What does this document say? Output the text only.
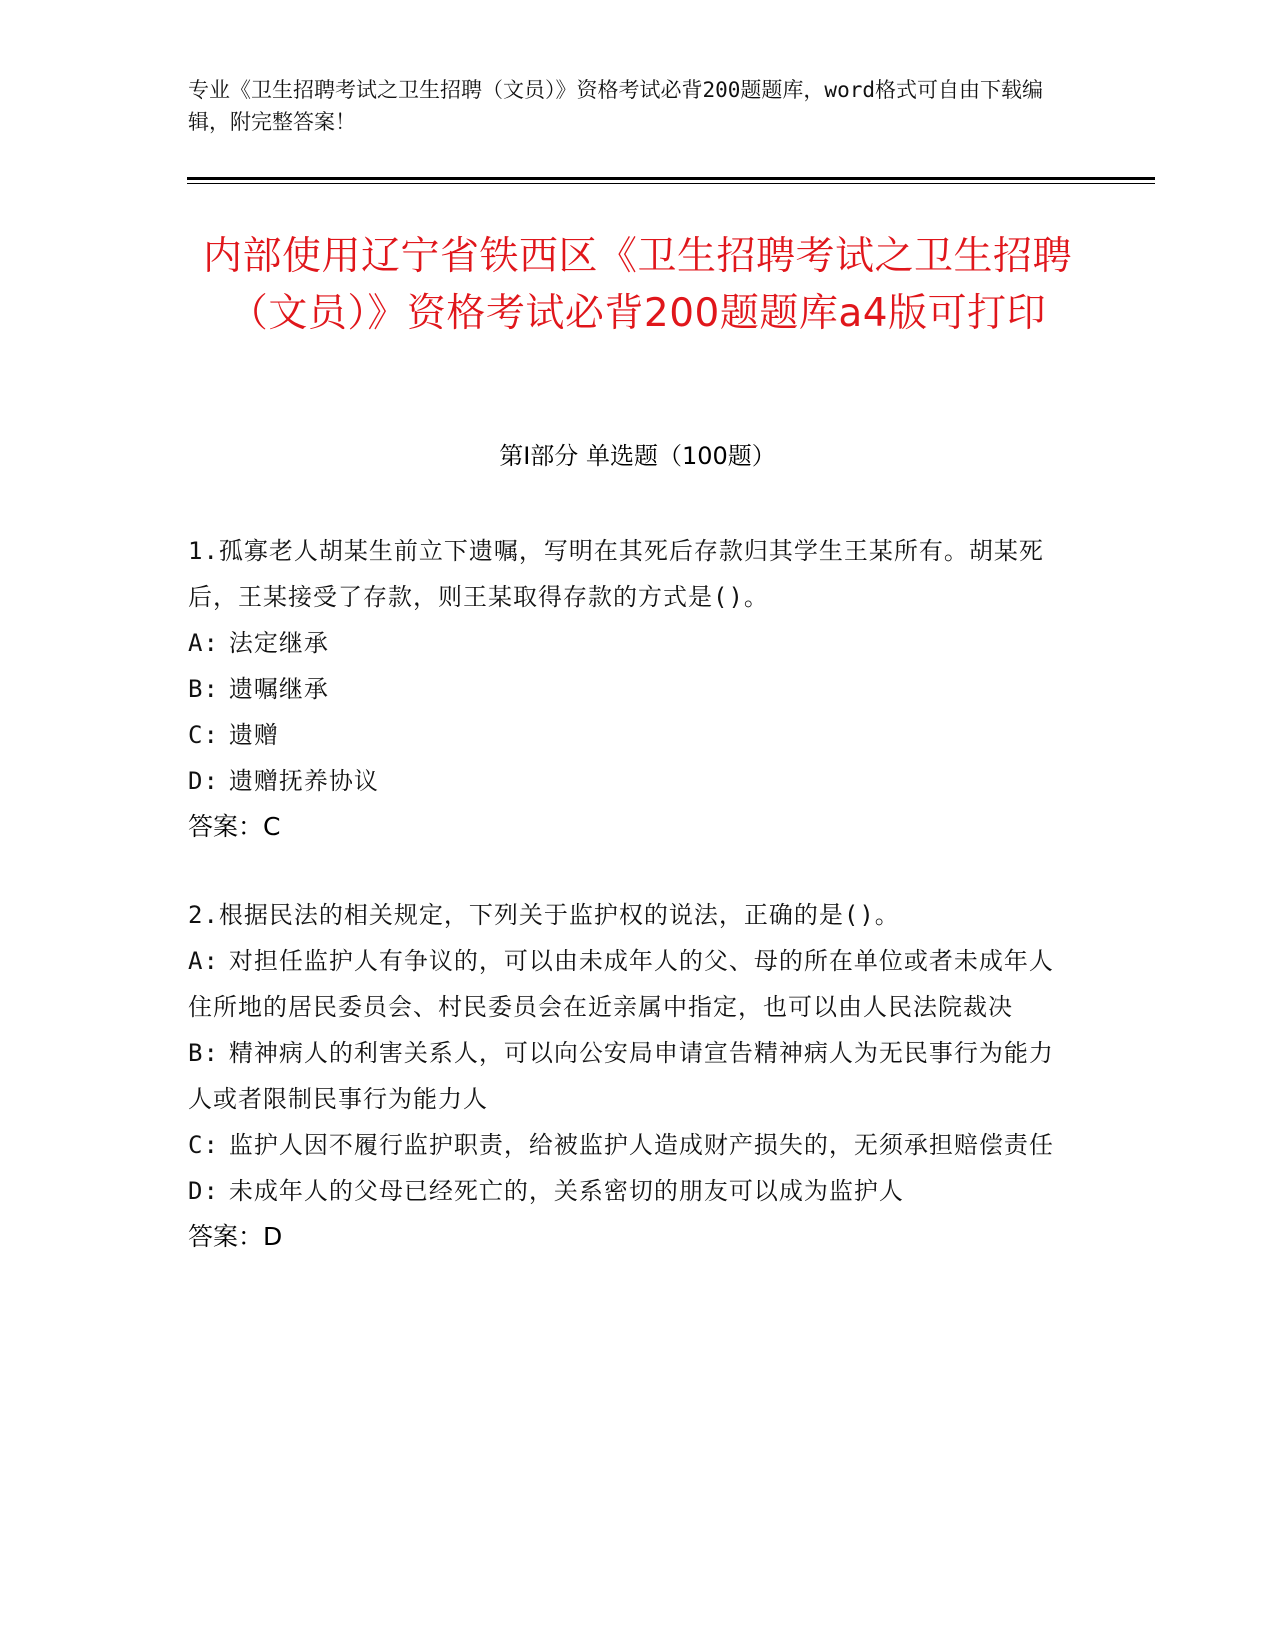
专业《卫生招聘考试之卫生招聘（文员）》资格考试必背200题题库，word格式可自由下载编辑，附完整答案！
内部使用辽宁省铁西区《卫生招聘考试之卫生招聘（文员）》资格考试必背200题题库a4版可打印
第Ⅰ部分 单选题（100题）
1.孤寡老人胡某生前立下遗嘱，写明在其死后存款归其学生王某所有。胡某死后，王某接受了存款，则王某取得存款的方式是()。
A: 法定继承
B: 遗嘱继承
C: 遗赠
D: 遗赠抚养协议
答案：C
2.根据民法的相关规定，下列关于监护权的说法，正确的是()。
A: 对担任监护人有争议的，可以由未成年人的父、母的所在单位或者未成年人住所地的居民委员会、村民委员会在近亲属中指定，也可以由人民法院裁决
B: 精神病人的利害关系人，可以向公安局申请宣告精神病人为无民事行为能力人或者限制民事行为能力人
C: 监护人因不履行监护职责，给被监护人造成财产损失的，无须承担赔偿责任
D: 未成年人的父母已经死亡的，关系密切的朋友可以成为监护人
答案：D
